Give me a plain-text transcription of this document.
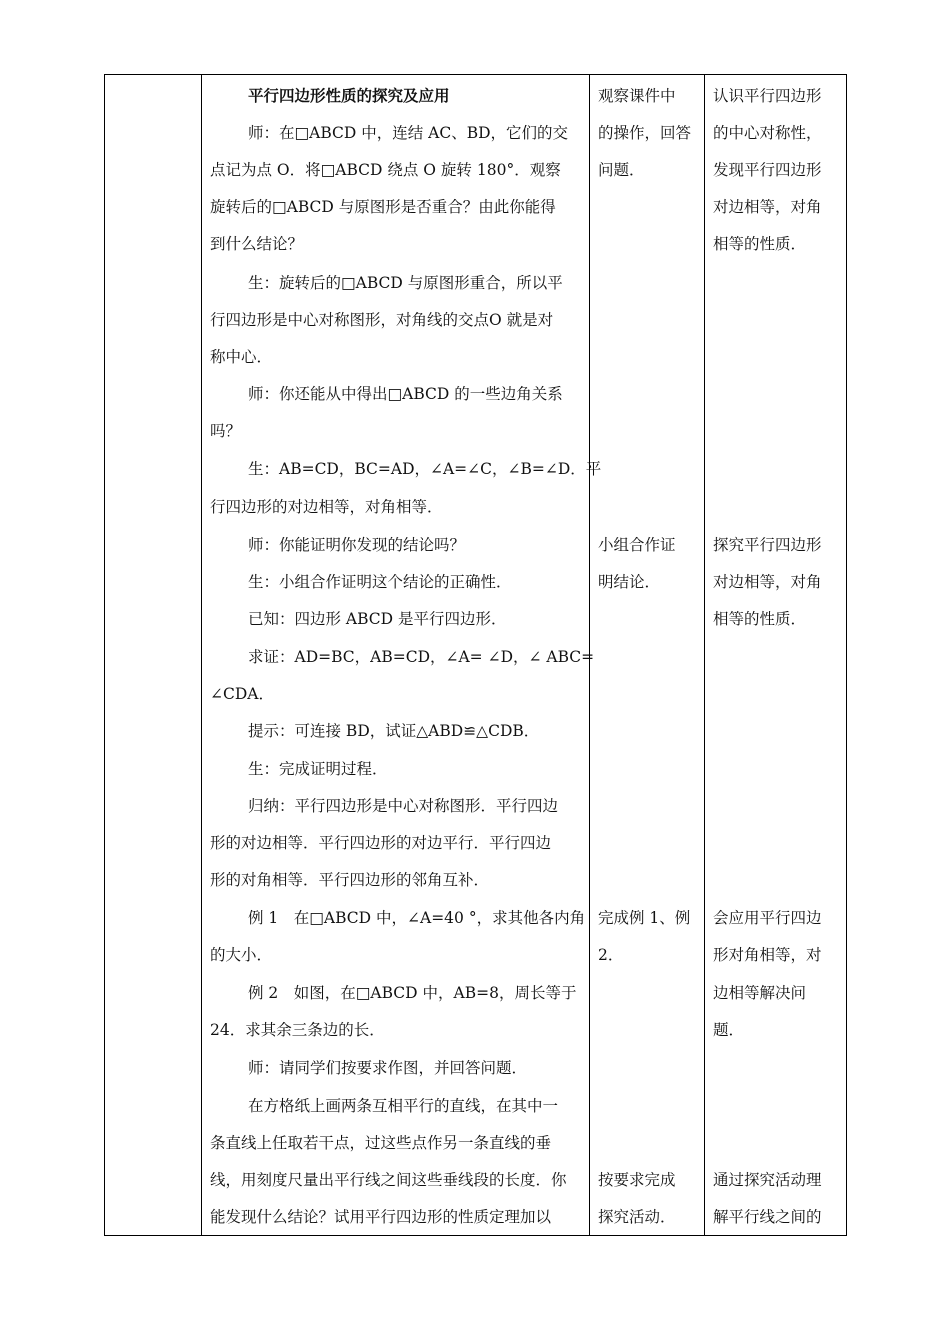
平行四边形性质的探究及应用
师：在□ABCD 中，连结 AC、BD，它们的交
点记为点 O．将□ABCD 绕点 O 旋转 180°．观察
旋转后的□ABCD 与原图形是否重合？由此你能得
到什么结论？
生：旋转后的□ABCD 与原图形重合，所以平
行四边形是中心对称图形，对角线的交点O 就是对
称中心．
师：你还能从中得出□ABCD 的一些边角关系
吗？
生：AB=CD，BC=AD，∠A=∠C，∠B=∠D．平
行四边形的对边相等，对角相等．
师：你能证明你发现的结论吗？
生：小组合作证明这个结论的正确性．
已知：四边形 ABCD 是平行四边形．
求证：AD=BC，AB=CD，∠A= ∠D，∠ ABC=
∠CDA．
提示：可连接 BD，试证△ABD≌△CDB．
生：完成证明过程．
归纳：平行四边形是中心对称图形．平行四边
形的对边相等．平行四边形的对边平行．平行四边
形的对角相等．平行四边形的邻角互补．
例 1　在□ABCD 中，∠A=40 °，求其他各内角
的大小．
例 2　如图，在□ABCD 中，AB=8，周长等于
24．求其余三条边的长．
师：请同学们按要求作图，并回答问题．
在方格纸上画两条互相平行的直线，在其中一
条直线上任取若干点，过这些点作另一条直线的垂
线，用刻度尺量出平行线之间这些垂线段的长度．你
能发现什么结论？试用平行四边形的性质定理加以
观察课件中
的操作，回答
问题．
小组合作证
明结论．
完成例 1、例
2．
按要求完成
探究活动．
认识平行四边形
的中心对称性，
发现平行四边形
对边相等，对角
相等的性质．
探究平行四边形
对边相等，对角
相等的性质．
会应用平行四边
形对角相等，对
边相等解决问
题．
通过探究活动理
解平行线之间的
